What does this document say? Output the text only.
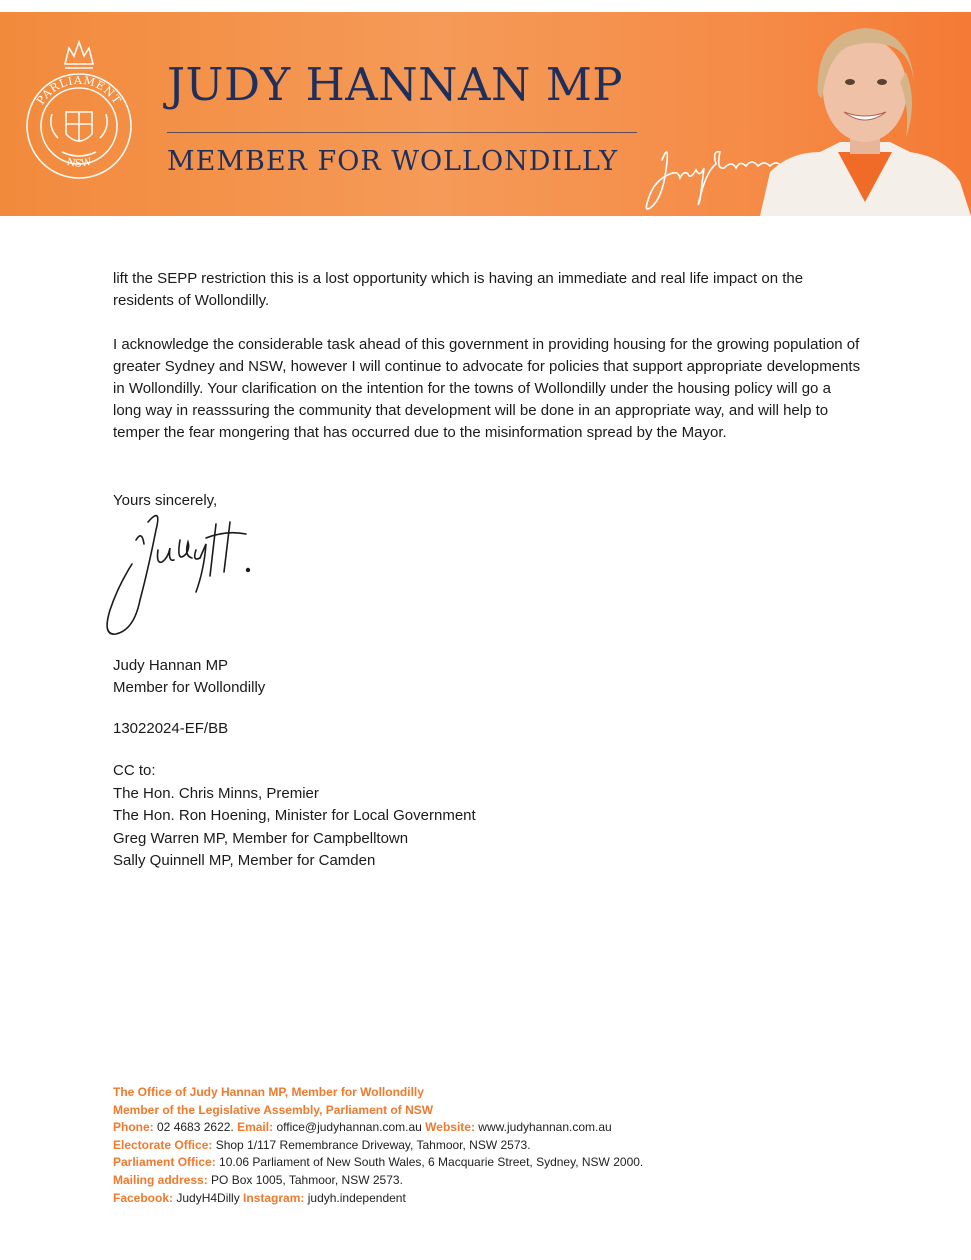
PARLIAMENT
NSW
JUDY HANNAN MP
MEMBER FOR WOLLONDILLY

lift the SEPP restriction this is a lost opportunity which is having an immediate and real life impact on the residents of Wollondilly.

I acknowledge the considerable task ahead of this government in providing housing for the growing population of greater Sydney and NSW, however I will continue to advocate for policies that support appropriate developments in Wollondilly. Your clarification on the intention for the towns of Wollondilly under the housing policy will go a long way in reasssuring the community that development will be done in an appropriate way, and will help to temper the fear mongering that has occurred due to the misinformation spread by the Mayor.

Yours sincerely,
Judy Hannan MP
Member for Wollondilly
13022024-EF/BB
CC to:
The Hon. Chris Minns, Premier
The Hon. Ron Hoening, Minister for Local Government
Greg Warren MP, Member for Campbelltown
Sally Quinnell MP, Member for Camden
The Office of Judy Hannan MP, Member for Wollondilly
Member of the Legislative Assembly, Parliament of NSW
Phone: 02 4683 2622. Email: office@judyhannan.com.au Website: www.judyhannan.com.au
Electorate Office: Shop 1/117 Remembrance Driveway, Tahmoor, NSW 2573.
Parliament Office: 10.06 Parliament of New South Wales, 6 Macquarie Street, Sydney, NSW 2000.
Mailing address: PO Box 1005, Tahmoor, NSW 2573.
Facebook: JudyH4Dilly Instagram: judyh.independent
